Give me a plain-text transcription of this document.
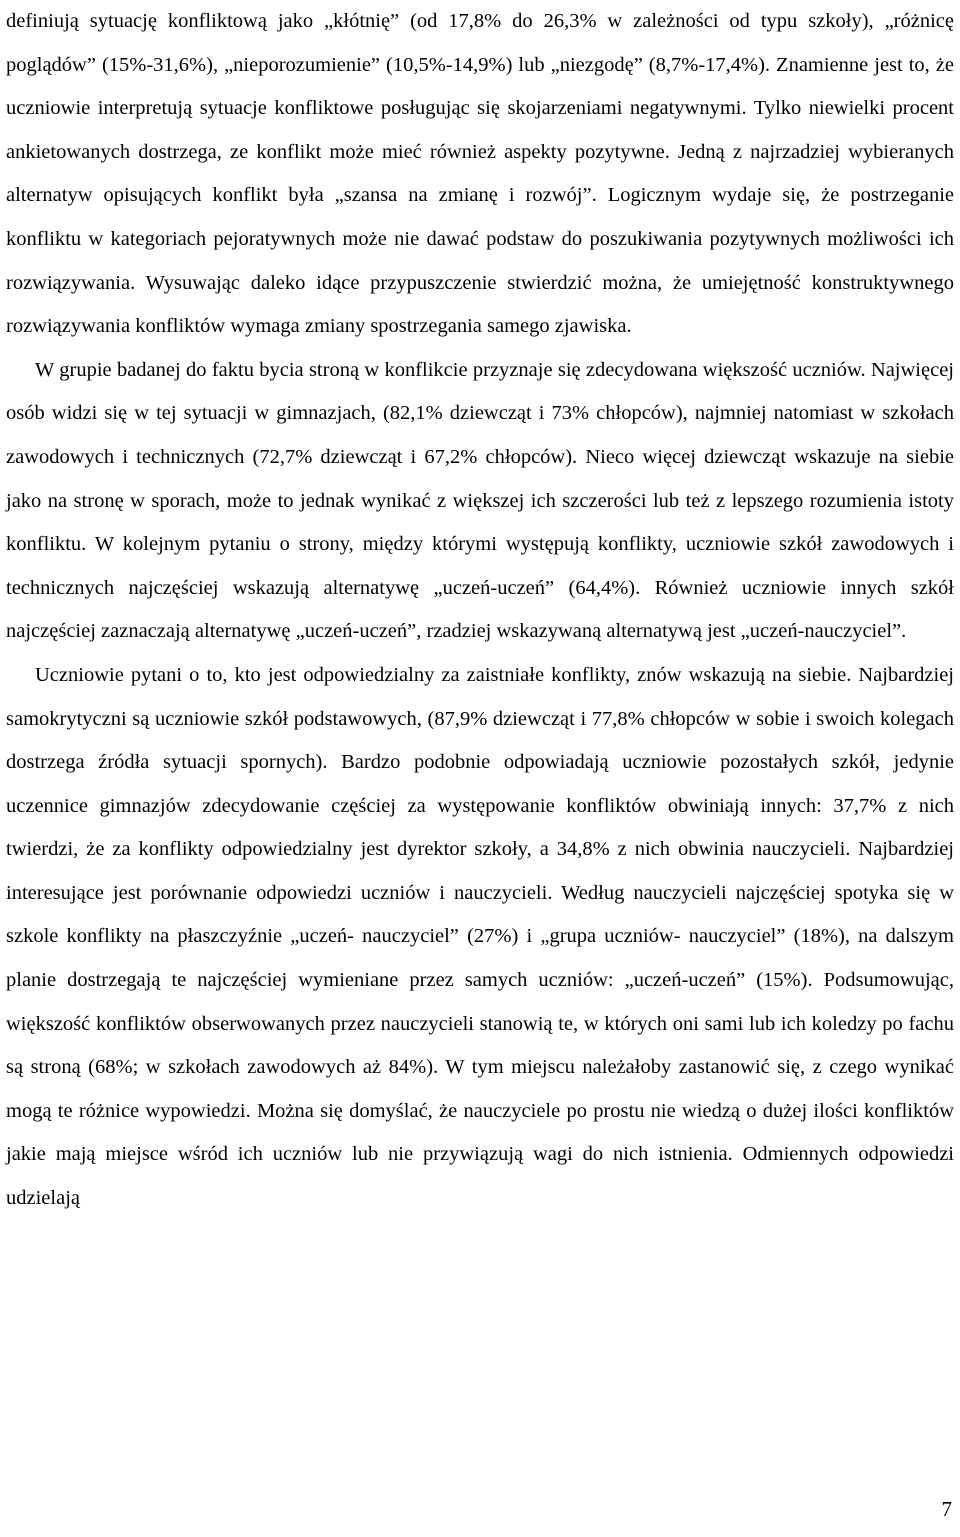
definiują sytuację konfliktową jako „kłótnię” (od 17,8% do 26,3% w zależności od typu szkoły), „różnicę poglądów” (15%-31,6%), „nieporozumienie” (10,5%-14,9%) lub „niezgodę” (8,7%-17,4%). Znamienne jest to, że uczniowie interpretują sytuacje konfliktowe posługując się skojarzeniami negatywnymi. Tylko niewielki procent ankietowanych dostrzega, ze konflikt może mieć również aspekty pozytywne. Jedną z najrzadziej wybieranych alternatyw opisujących konflikt była „szansa na zmianę i rozwój”. Logicznym wydaje się, że postrzeganie konfliktu w kategoriach pejoratywnych może nie dawać podstaw do poszukiwania pozytywnych możliwości ich rozwiązywania. Wysuwając daleko idące przypuszczenie stwierdzić można, że umiejętność konstruktywnego rozwiązywania konfliktów wymaga zmiany spostrzegania samego zjawiska.

W grupie badanej do faktu bycia stroną w konflikcie przyznaje się zdecydowana większość uczniów. Najwięcej osób widzi się w tej sytuacji w gimnazjach, (82,1% dziewcząt i 73% chłopców), najmniej natomiast w szkołach zawodowych i technicznych (72,7% dziewcząt i 67,2% chłopców). Nieco więcej dziewcząt wskazuje na siebie jako na stronę w sporach, może to jednak wynikać z większej ich szczerości lub też z lepszego rozumienia istoty konfliktu. W kolejnym pytaniu o strony, między którymi występują konflikty, uczniowie szkół zawodowych i technicznych najczęściej wskazują alternatywę „uczeń-uczeń” (64,4%). Również uczniowie innych szkół najczęściej zaznaczają alternatywę „uczeń-uczeń”, rzadziej wskazywaną alternatywą jest „uczeń-nauczyciel”.

Uczniowie pytani o to, kto jest odpowiedzialny za zaistniałe konflikty, znów wskazują na siebie. Najbardziej samokrytyczni są uczniowie szkół podstawowych, (87,9% dziewcząt i 77,8% chłopców w sobie i swoich kolegach dostrzega źródła sytuacji spornych). Bardzo podobnie odpowiadają uczniowie pozostałych szkół, jedynie uczennice gimnazjów zdecydowanie częściej za występowanie konfliktów obwiniają innych: 37,7% z nich twierdzi, że za konflikty odpowiedzialny jest dyrektor szkoły, a 34,8% z nich obwinia nauczycieli. Najbardziej interesujące jest porównanie odpowiedzi uczniów i nauczycieli. Według nauczycieli najczęściej spotyka się w szkole konflikty na płaszczyźnie „uczeń- nauczyciel” (27%) i „grupa uczniów- nauczyciel” (18%), na dalszym planie dostrzegają te najczęściej wymieniane przez samych uczniów: „uczeń-uczeń” (15%). Podsumowując, większość konfliktów obserwowanych przez nauczycieli stanowią te, w których oni sami lub ich koledzy po fachu są stroną (68%; w szkołach zawodowych aż 84%). W tym miejscu należałoby zastanowić się, z czego wynikać mogą te różnice wypowiedzi. Można się domyślać, że nauczyciele po prostu nie wiedzą o dużej ilości konfliktów jakie mają miejsce wśród ich uczniów lub nie przywiązują wagi do nich istnienia. Odmiennych odpowiedzi udzielają

7
